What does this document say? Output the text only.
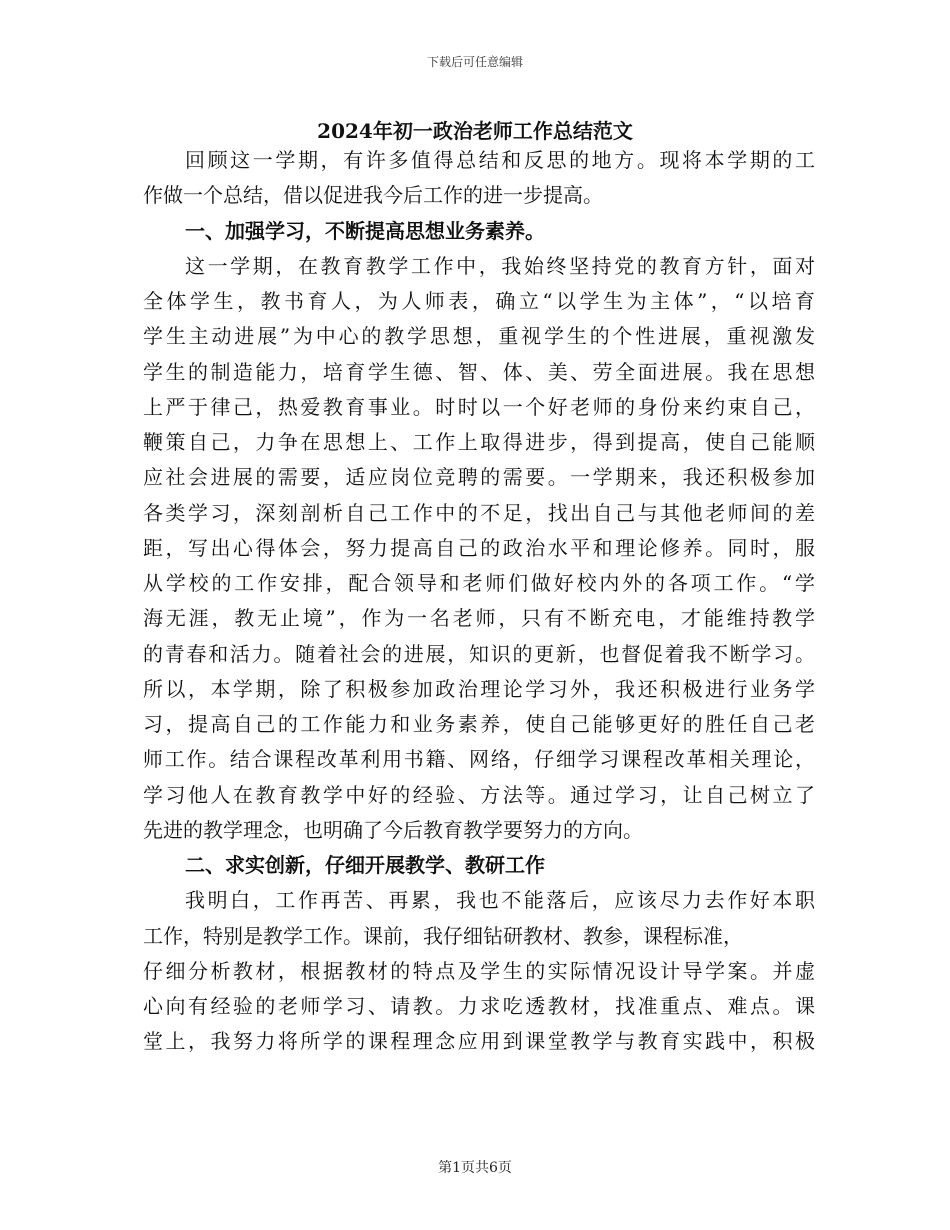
下载后可任意编辑
2024年初一政治老师工作总结范文
回顾这一学期，有许多值得总结和反思的地方。现将本学期的工
作做一个总结，借以促进我今后工作的进一步提高。
一、加强学习，不断提高思想业务素养。
这一学期，在教育教学工作中，我始终坚持党的教育方针，面对
全体学生，教书育人，为人师表，确立“以学生为主体”，“以培育
学生主动进展”为中心的教学思想，重视学生的个性进展，重视激发
学生的制造能力，培育学生德、智、体、美、劳全面进展。我在思想
上严于律己，热爱教育事业。时时以一个好老师的身份来约束自己，
鞭策自己，力争在思想上、工作上取得进步，得到提高，使自己能顺
应社会进展的需要，适应岗位竞聘的需要。一学期来，我还积极参加
各类学习，深刻剖析自己工作中的不足，找出自己与其他老师间的差
距，写出心得体会，努力提高自己的政治水平和理论修养。同时，服
从学校的工作安排，配合领导和老师们做好校内外的各项工作。“学
海无涯，教无止境”，作为一名老师，只有不断充电，才能维持教学
的青春和活力。随着社会的进展，知识的更新，也督促着我不断学习。
所以，本学期，除了积极参加政治理论学习外，我还积极进行业务学
习，提高自己的工作能力和业务素养，使自己能够更好的胜任自己老
师工作。结合课程改革利用书籍、网络，仔细学习课程改革相关理论，
学习他人在教育教学中好的经验、方法等。通过学习，让自己树立了
先进的教学理念，也明确了今后教育教学要努力的方向。
二、求实创新，仔细开展教学、教研工作
我明白，工作再苦、再累，我也不能落后，应该尽力去作好本职
工作，特别是教学工作。课前，我仔细钻研教材、教参，课程标准，
仔细分析教材，根据教材的特点及学生的实际情况设计导学案。并虚
心向有经验的老师学习、请教。力求吃透教材，找准重点、难点。课
堂上，我努力将所学的课程理念应用到课堂教学与教育实践中，积极
第1页共6页
